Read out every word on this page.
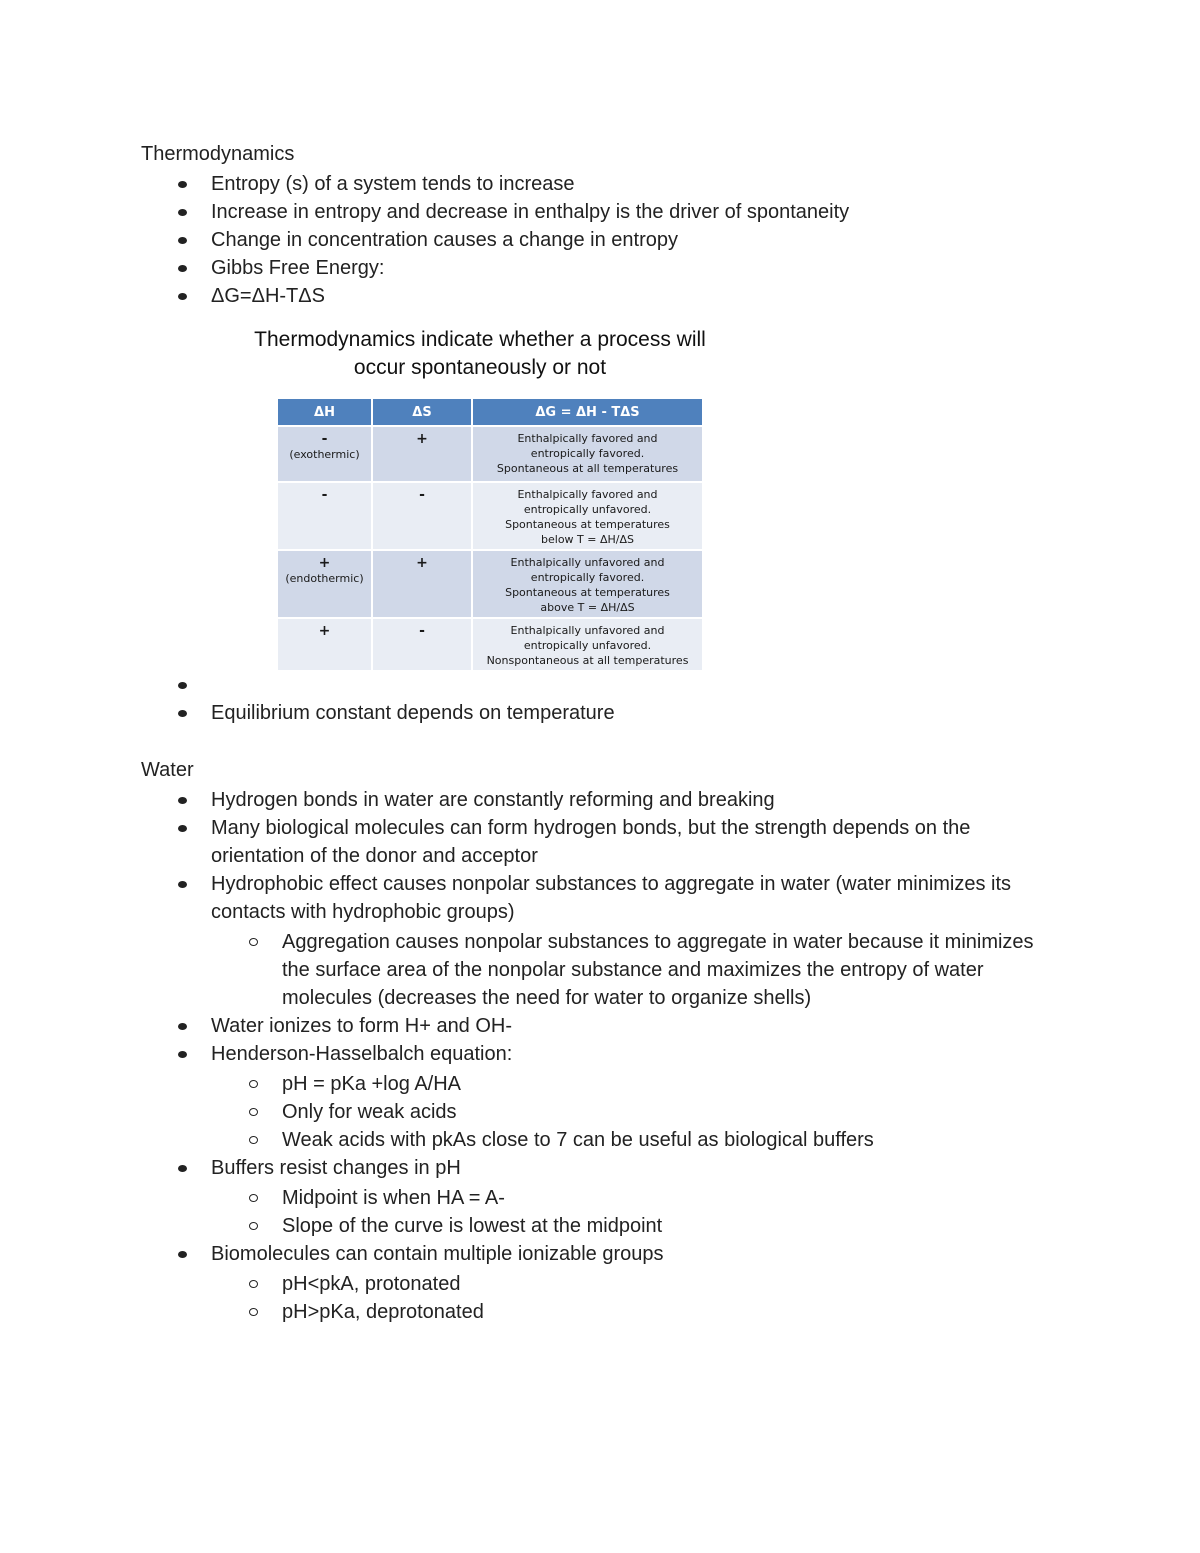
Thermodynamics
Entropy (s) of a system tends to increase
Increase in entropy and decrease in enthalpy is the driver of spontaneity
Change in concentration causes a change in entropy
Gibbs Free Energy:
ΔG=ΔH-TΔS
Thermodynamics indicate whether a process will
occur spontaneously or not
ΔH	ΔS	ΔG = ΔH - TΔS
-
(exothermic)	+	Enthalpically favored and
entropically favored.
Spontaneous at all temperatures

-	-	Enthalpically favored and
entropically unfavored.
Spontaneous at temperatures
below T = ΔH/ΔS

+
(endothermic)	+	Enthalpically unfavored and
entropically favored.
Spontaneous at temperatures
above T = ΔH/ΔS

+	-	Enthalpically unfavored and
entropically unfavored.
Nonspontaneous at all temperatures

Equilibrium constant depends on temperature
Water
Hydrogen bonds in water are constantly reforming and breaking
Many biological molecules can form hydrogen bonds, but the strength depends on the orientation of the donor and acceptor
Hydrophobic effect causes nonpolar substances to aggregate in water (water minimizes its contacts with hydrophobic groups)
Aggregation causes nonpolar substances to aggregate in water because it minimizes the surface area of the nonpolar substance and maximizes the entropy of water molecules (decreases the need for water to organize shells)
Water ionizes to form H+ and OH-
Henderson-Hasselbalch equation:
pH = pKa +log A/HA
Only for weak acids
Weak acids with pkAs close to 7 can be useful as biological buffers
Buffers resist changes in pH
Midpoint is when HA = A-
Slope of the curve is lowest at the midpoint
Biomolecules can contain multiple ionizable groups
pH<pkA, protonated
pH>pKa, deprotonated
